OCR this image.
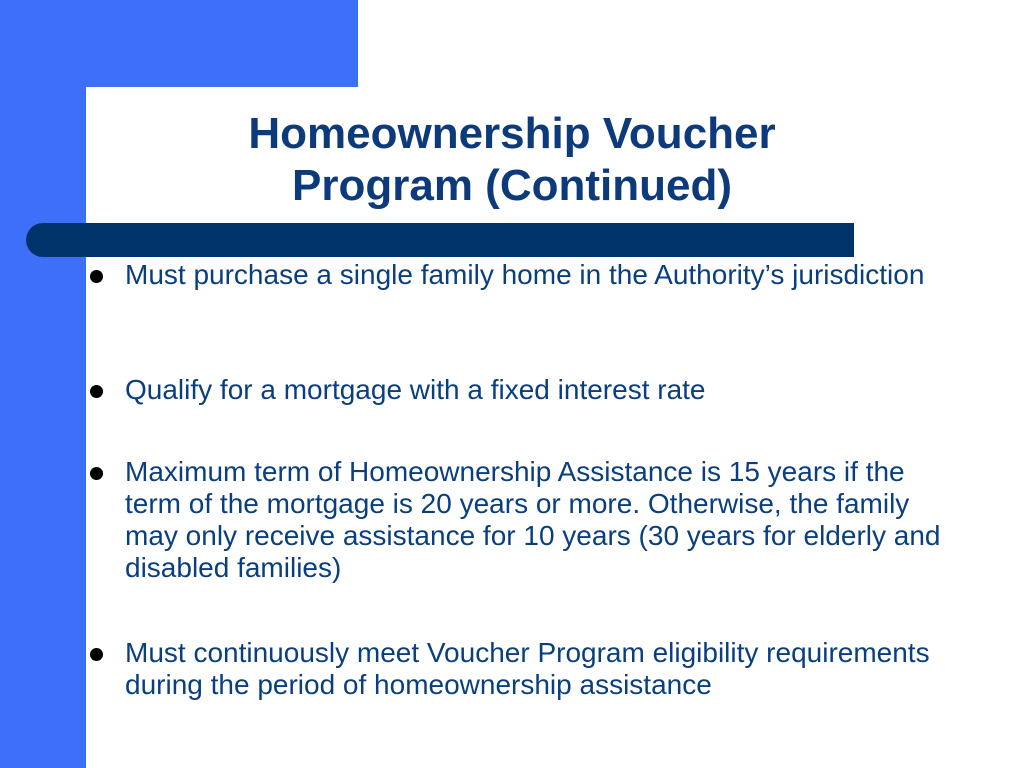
Homeownership Voucher
Program (Continued)
Must purchase a single family home in the Authority’s jurisdiction
Qualify for a mortgage with a fixed interest rate
Maximum term of Homeownership Assistance is 15 years if the term of the mortgage is 20 years or more. Otherwise, the family may only receive assistance for 10 years (30 years for elderly and disabled families)
Must continuously meet Voucher Program eligibility requirements during the period of homeownership assistance
